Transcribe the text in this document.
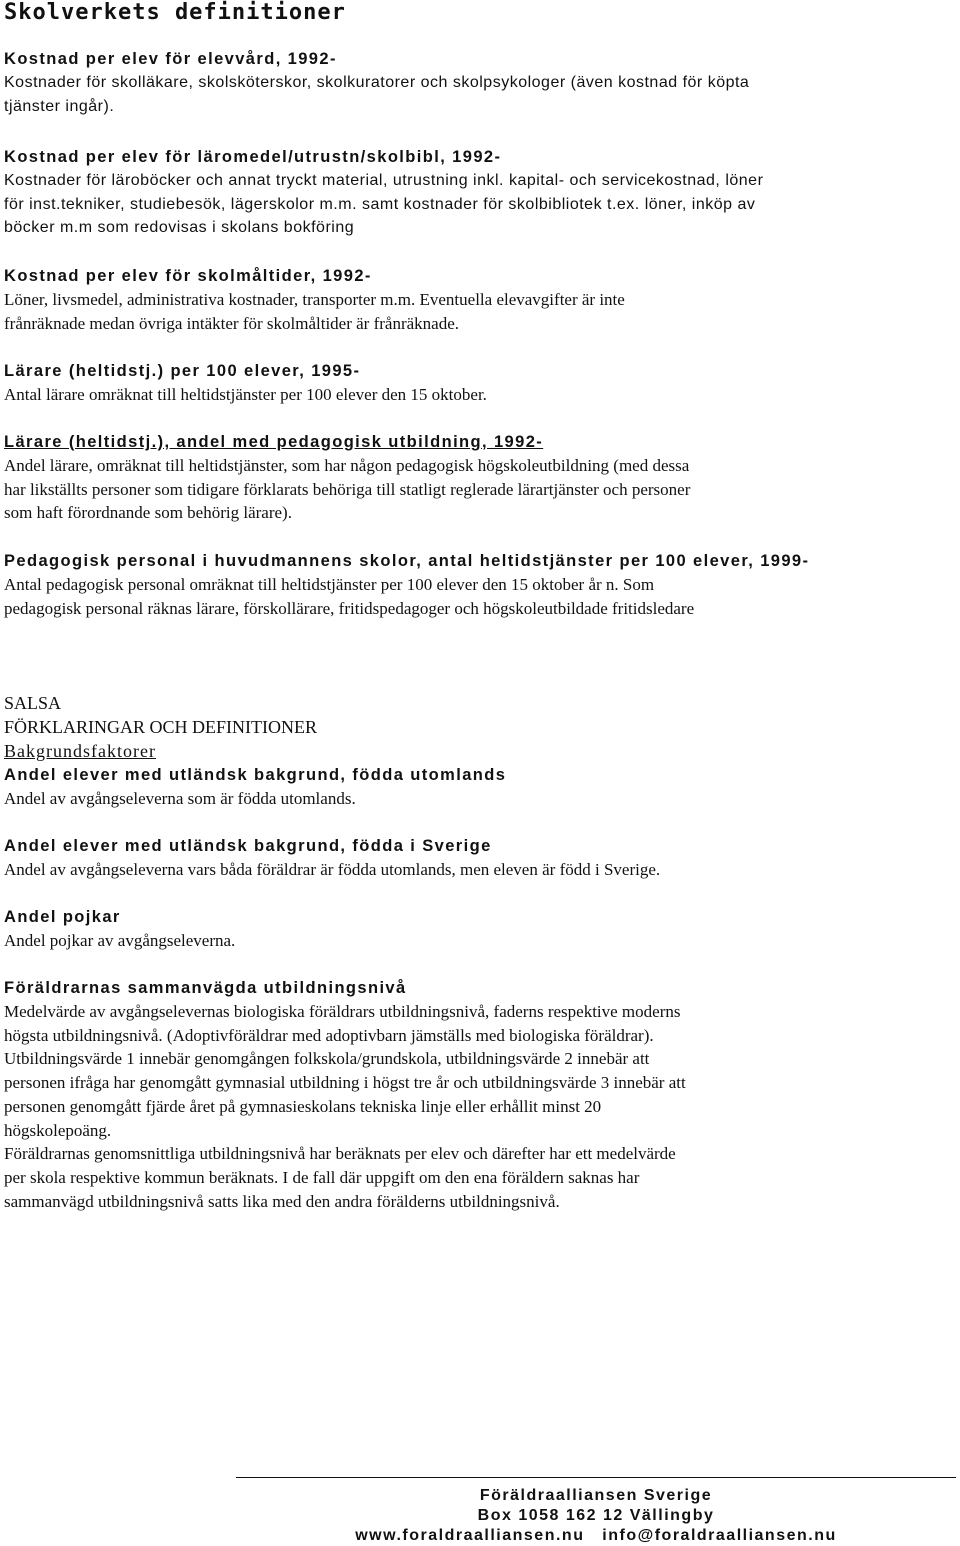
Skolverkets definitioner
Kostnad per elev för elevvård, 1992-
Kostnader för skolläkare, skolsköterskor, skolkuratorer och skolpsykologer (även kostnad för köpta
tjänster ingår).
Kostnad per elev för läromedel/utrustn/skolbibl, 1992-
Kostnader för läroböcker och annat tryckt material, utrustning inkl. kapital- och servicekostnad, löner
för inst.tekniker, studiebesök, lägerskolor m.m. samt kostnader för skolbibliotek t.ex. löner, inköp av
böcker m.m som redovisas i skolans bokföring
Kostnad per elev för skolmåltider, 1992-
Löner, livsmedel, administrativa kostnader, transporter m.m. Eventuella elevavgifter är inte
frånräknade medan övriga intäkter för skolmåltider är frånräknade.
Lärare (heltidstj.) per 100 elever, 1995-
Antal lärare omräknat till heltidstjänster per 100 elever den 15 oktober.
Lärare (heltidstj.), andel med pedagogisk utbildning, 1992-
Andel lärare, omräknat till heltidstjänster, som har någon pedagogisk högskoleutbildning (med dessa
har likställts personer som tidigare förklarats behöriga till statligt reglerade lärartjänster och personer
som haft förordnande som behörig lärare).
Pedagogisk personal i huvudmannens skolor, antal heltidstjänster per 100 elever, 1999-
Antal pedagogisk personal omräknat till heltidstjänster per 100 elever den 15 oktober år n. Som
pedagogisk personal räknas lärare, förskollärare, fritidspedagoger och högskoleutbildade fritidsledare
SALSA
FÖRKLARINGAR OCH DEFINITIONER
Bakgrundsfaktorer
Andel elever med utländsk bakgrund, födda utomlands
Andel av avgångseleverna som är födda utomlands.
Andel elever med utländsk bakgrund, födda i Sverige
Andel av avgångseleverna vars båda föräldrar är födda utomlands, men eleven är född i Sverige.
Andel pojkar
Andel pojkar av avgångseleverna.
Föräldrarnas sammanvägda utbildningsnivå
Medelvärde av avgångselevernas biologiska föräldrars utbildningsnivå, faderns respektive moderns
högsta utbildningsnivå. (Adoptivföräldrar med adoptivbarn jämställs med biologiska föräldrar).
Utbildningsvärde 1 innebär genomgången folkskola/grundskola, utbildningsvärde 2 innebär att
personen ifråga har genomgått gymnasial utbildning i högst tre år och utbildningsvärde 3 innebär att
personen genomgått fjärde året på gymnasieskolans tekniska linje eller erhållit minst 20
högskolepoäng.
Föräldrarnas genomsnittliga utbildningsnivå har beräknats per elev och därefter har ett medelvärde
per skola respektive kommun beräknats. I de fall där uppgift om den ena föräldern saknas har
sammanvägd utbildningsnivå satts lika med den andra förälderns utbildningsnivå.
Föräldraalliansen Sverige
Box 1058 162 12 Vällingby
www.foraldraalliansen.nu   info@foraldraalliansen.nu
